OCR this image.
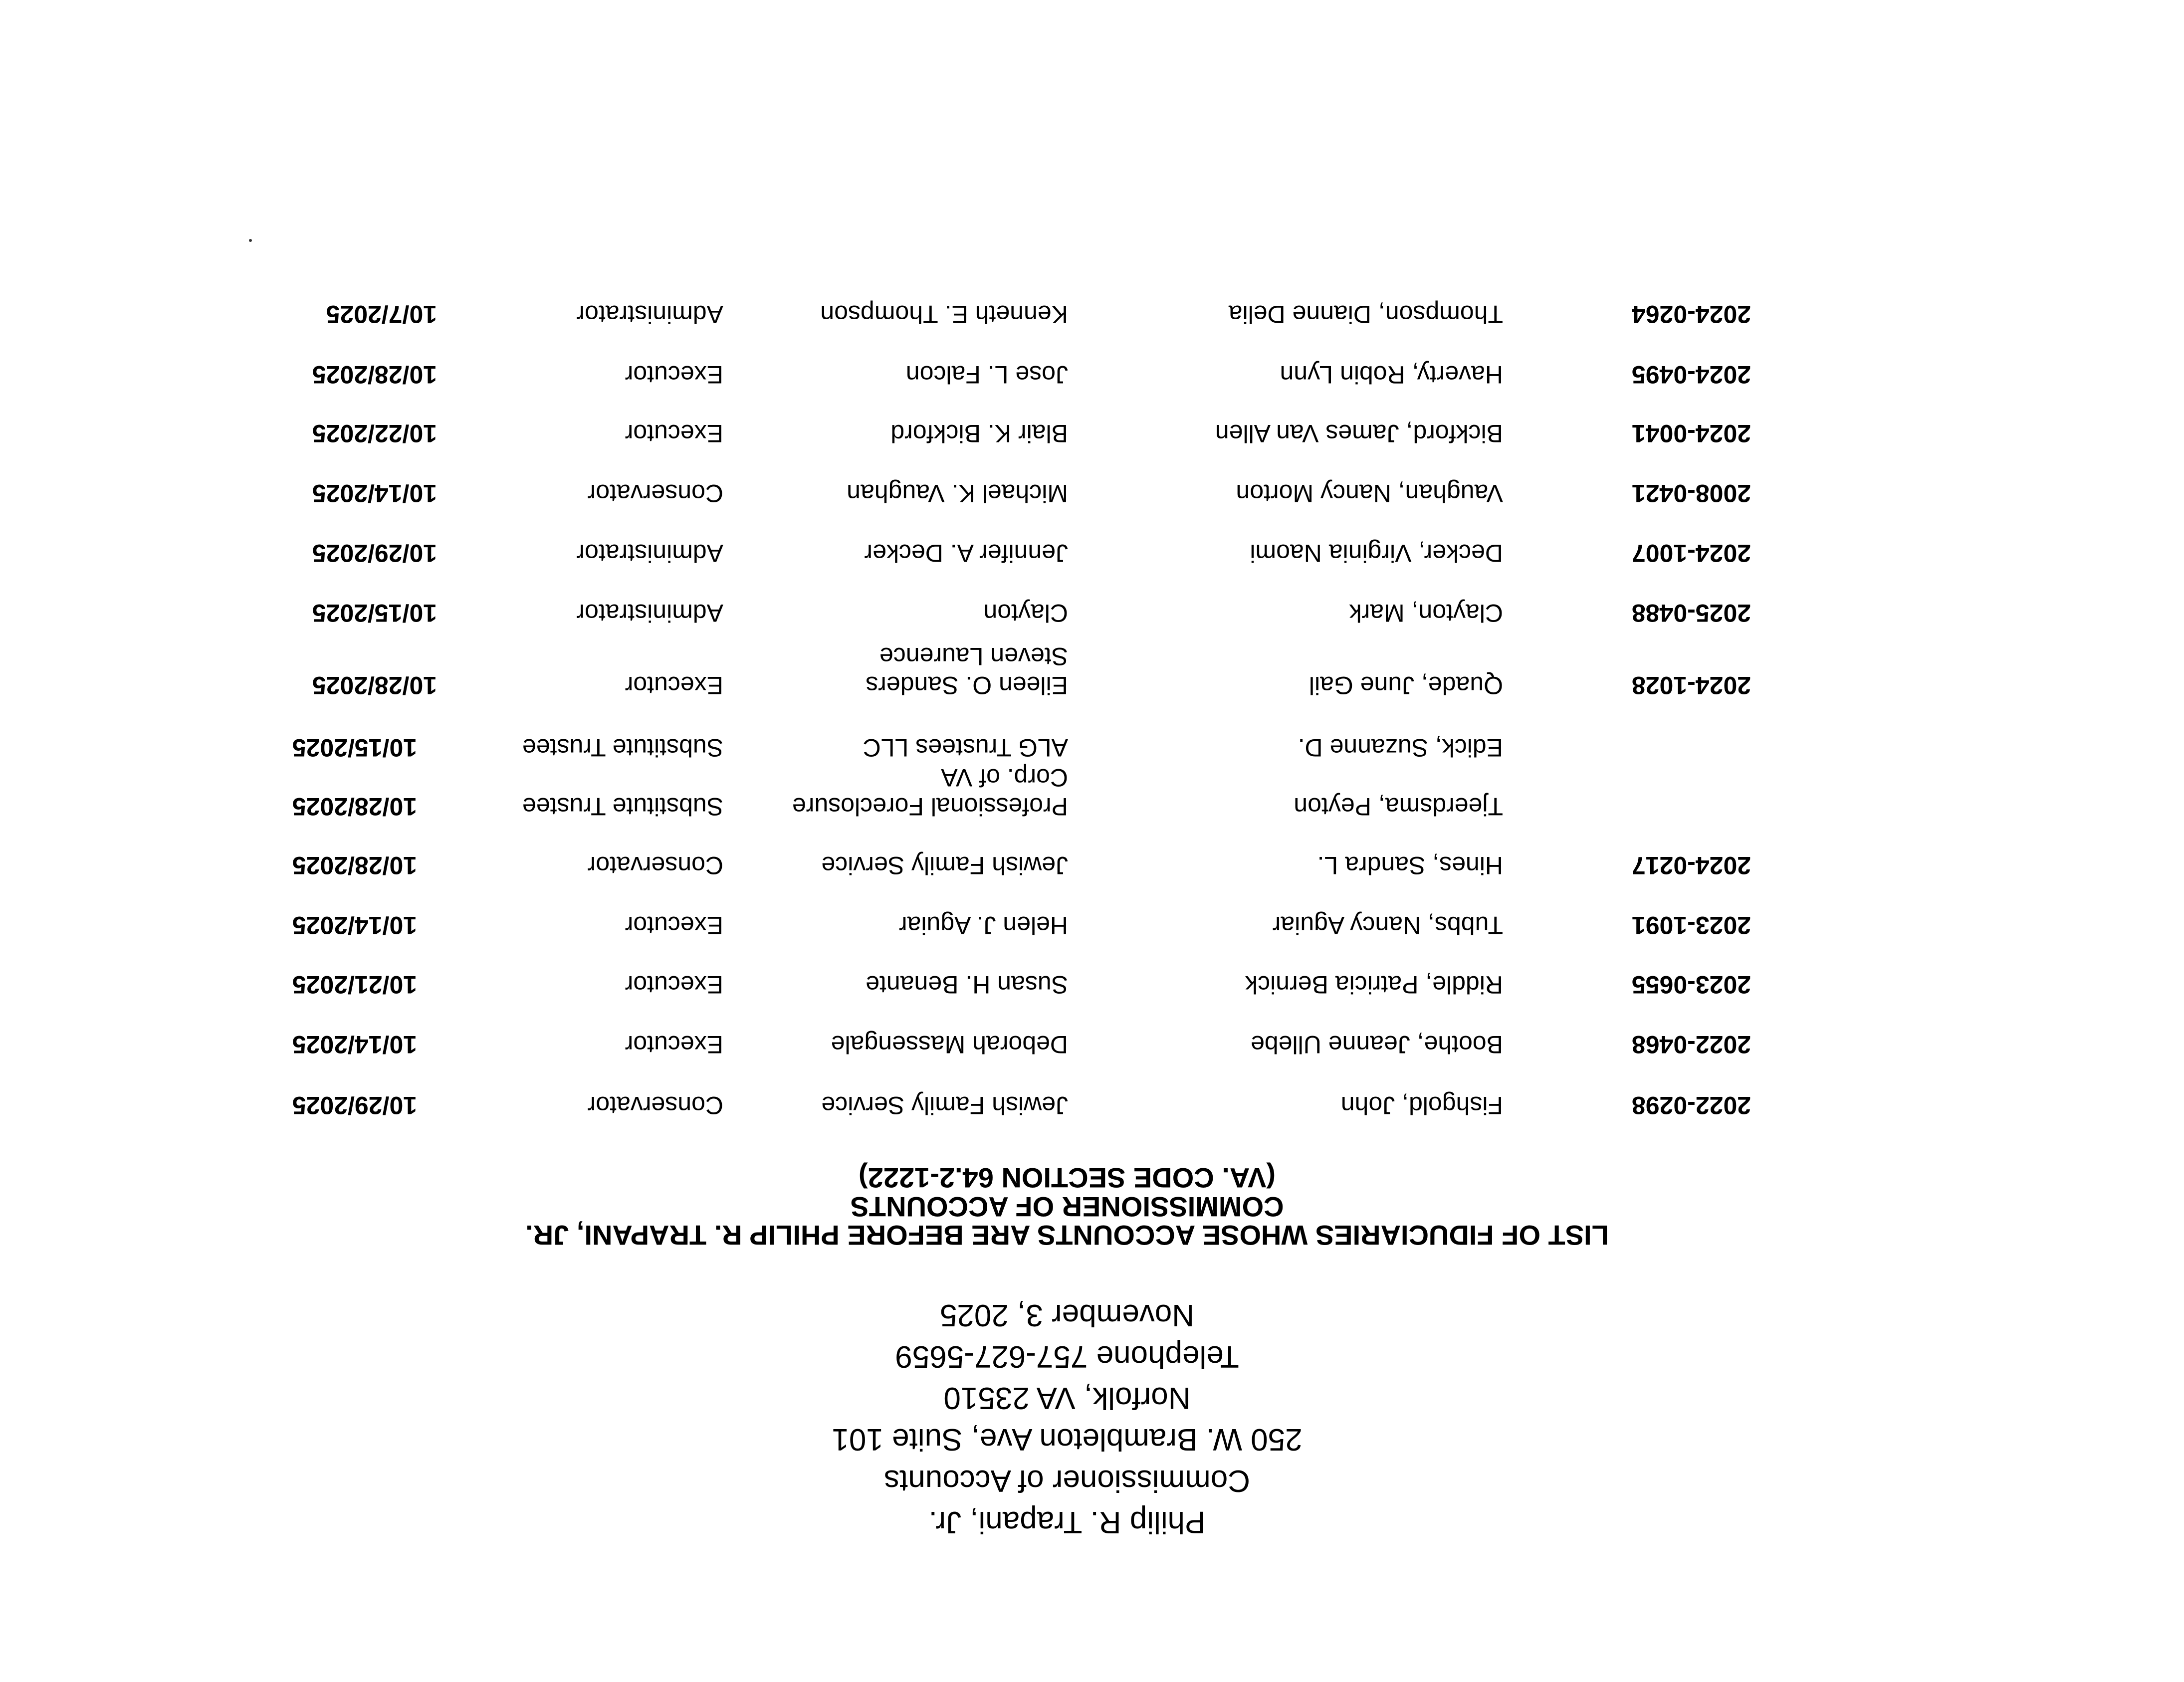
Philip R. Trapani, Jr.
Commissioner of Accounts
250 W. Brambleton Ave, Suite 101
Norfolk, VA 23510
Telephone 757-627-5659
November 3, 2025
LIST OF FIDUCIARIES WHOSE ACCOUNTS ARE BEFORE PHILIP R. TRAPANI, JR.
COMMISSIONER OF ACCOUNTS
(VA. CODE SECTION 64.2-1222)
2022-0298
Fishgold, John
Jewish Family Service
Conservator
10/29/2025
2022-0468
Boothe, Jeanne Ullebe
Deborah Massengale
Executor
10/14/2025
2023-0655
Riddle, Patricia Bernick
Susan H. Benante
Executor
10/21/2025
2023-1091
Tubbs, Nancy Aguiar
Helen J. Aguiar
Executor
10/14/2025
2024-0217
Hines, Sandra L.
Jewish Family Service
Conservator
10/28/2025
Tjeerdsma, Peyton
Professional Foreclosure
Corp. of VA
Substitute Trustee
10/28/2025
Edick, Suzanne D.
ALG Trustees LLC
Substitute Trustee
10/15/2025
2024-1028
Quade, June Gail
Eileen O. Sanders
Steven Laurence
Executor
10/28/2025
2025-0488
Clayton, Mark
Clayton
Administrator
10/15/2025
2024-1007
Decker, Virginia Naomi
Jennifer A. Decker
Administrator
10/29/2025
2008-0421
Vaughan, Nancy Morton
Michael K. Vaughan
Conservator
10/14/2025
2024-0041
Bickford, James Van Allen
Blair K. Bickford
Executor
10/22/2025
2024-0495
Haverty, Robin Lynn
Jose L. Falcon
Executor
10/28/2025
2024-0264
Thompson, Dianne Delia
Kenneth E. Thompson
Administrator
10/7/2025
